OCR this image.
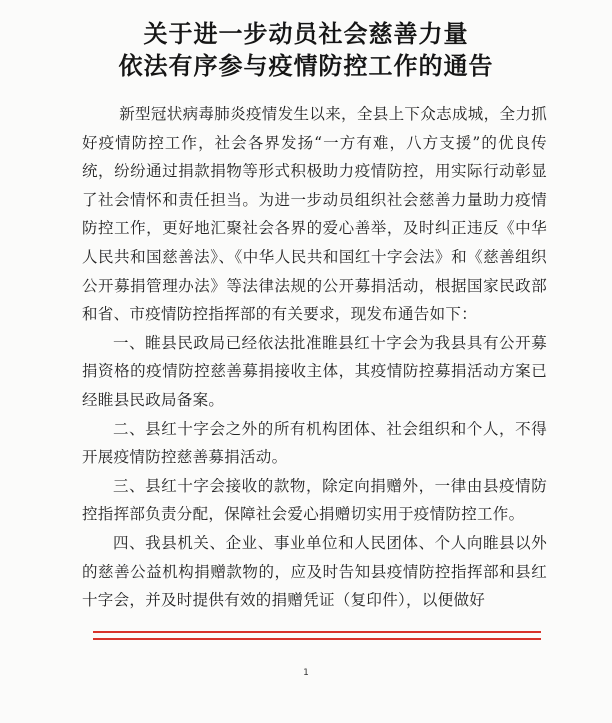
关于进一步动员社会慈善力量
依法有序参与疫情防控工作的通告

新型冠状病毒肺炎疫情发生以来，全县上下众志成城，全力抓好疫情防控工作，社会各界发扬“一方有难，八方支援”的优良传统，纷纷通过捐款捐物等形式积极助力疫情防控，用实际行动彰显了社会情怀和责任担当。为进一步动员组织社会慈善力量助力疫情防控工作，更好地汇聚社会各界的爱心善举，及时纠正违反《中华人民共和国慈善法》、《中华人民共和国红十字会法》和《慈善组织公开募捐管理办法》等法律法规的公开募捐活动，根据国家民政部和省、市疫情防控指挥部的有关要求，现发布通告如下：

一、睢县民政局已经依法批准睢县红十字会为我县具有公开募捐资格的疫情防控慈善募捐接收主体，其疫情防控募捐活动方案已经睢县民政局备案。

二、县红十字会之外的所有机构团体、社会组织和个人，不得开展疫情防控慈善募捐活动。

三、县红十字会接收的款物，除定向捐赠外，一律由县疫情防控指挥部负责分配，保障社会爱心捐赠切实用于疫情防控工作。

四、我县机关、企业、事业单位和人民团体、个人向睢县以外的慈善公益机构捐赠款物的，应及时告知县疫情防控指挥部和县红十字会，并及时提供有效的捐赠凭证（复印件），以便做好

1
